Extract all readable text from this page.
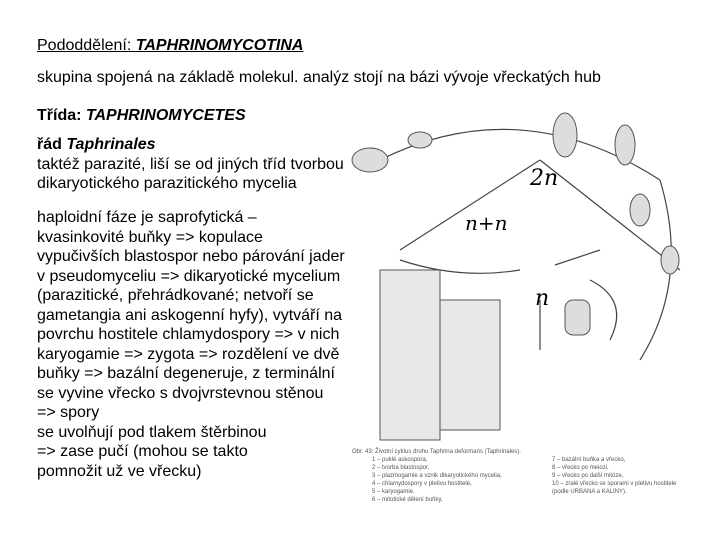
Pododdělení: TAPHRINOMYCOTINA
skupina spojená na základě molekul. analýz stojí na bázi vývoje vřeckatých hub
Třída: TAPHRINOMYCETES
řád Taphrinales
taktéž parazité, liší se od jiných tříd tvorbou
dikaryotického parazitického mycelia
haploidní fáze je saprofytická –
kvasinkovité buňky => kopulace
vypučivších blastospor nebo párování jader
v pseudomyceliu => dikaryotické mycelium
(parazitické, přehrádkované; netvoří se
gametangia ani askogenní hyfy), vytváří na
povrchu hostitele chlamydospory => v nich
karyogamie => zygota => rozdělení ve dvě
buňky => bazální degeneruje, z terminální
se vyvine vřecko s dvojvrstevnou stěnou
=> spory
se uvolňují pod tlakem štěrbinou
=> zase pučí (mohou se takto
pomnožit už ve vřecku)
n+n
2n
n
Obr. 43: Životní cyklus druhu Taphrina deformans (Taphrinales).
1 – puklé askospora,
2 – tvorba blastospor,
3 – plazmogamie a vznik dikaryotického mycelia,
4 – chlamydospory v pletivu hostitele,
5 – karyogamie,
6 – mitotické dělení buňky,
7 – bazální buňka a vřecko,
8 – vřecko po meiozi,
9 – vřecko po další mitóze,
10 – zralé vřecko se sporami v pletivu hostitele
(podle URBANA a KALINY).
